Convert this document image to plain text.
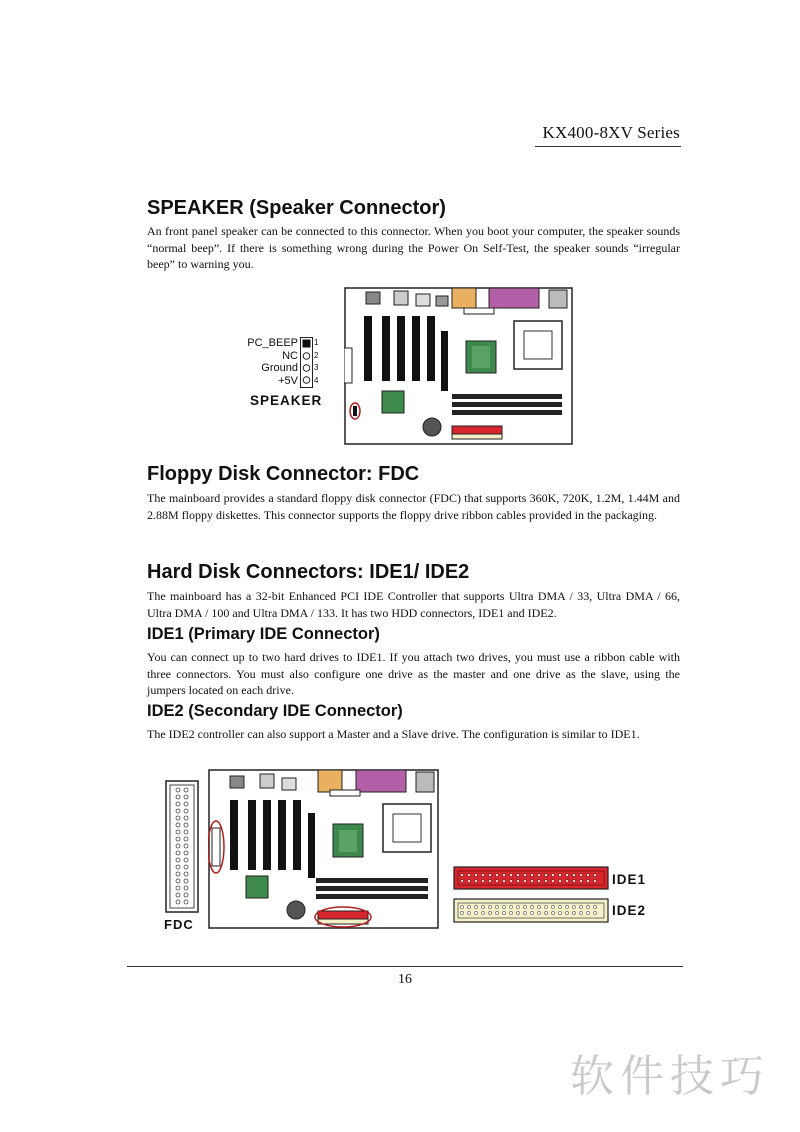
KX400-8XV Series
SPEAKER (Speaker Connector)

An front panel speaker can be connected to this connector. When you boot your computer, the speaker sounds “normal beep”. If there is something wrong during the Power On Self-Test, the speaker sounds “irregular beep” to warning you.

PC_BEEP
NC
Ground
+5V
1
2
3
4
SPEAKER
Floppy Disk Connector: FDC

The mainboard provides a standard floppy disk connector (FDC) that supports 360K, 720K, 1.2M, 1.44M and 2.88M floppy diskettes. This connector supports the floppy drive ribbon cables provided in the packaging.

Hard Disk Connectors: IDE1/ IDE2

The mainboard has a 32-bit Enhanced PCI IDE Controller that supports Ultra DMA / 33, Ultra DMA / 66, Ultra DMA / 100 and Ultra DMA / 133. It has two HDD connectors, IDE1 and IDE2.

IDE1 (Primary IDE Connector)

You can connect up to two hard drives to IDE1. If you attach two drives, you must use a ribbon cable with three connectors. You must also configure one drive as the master and one drive as the slave, using the jumpers located on each drive.

IDE2 (Secondary IDE Connector)

The IDE2 controller can also support a Master and a Slave drive. The configuration is similar to IDE1.

FDC
IDE1
IDE2
16
软件技巧
